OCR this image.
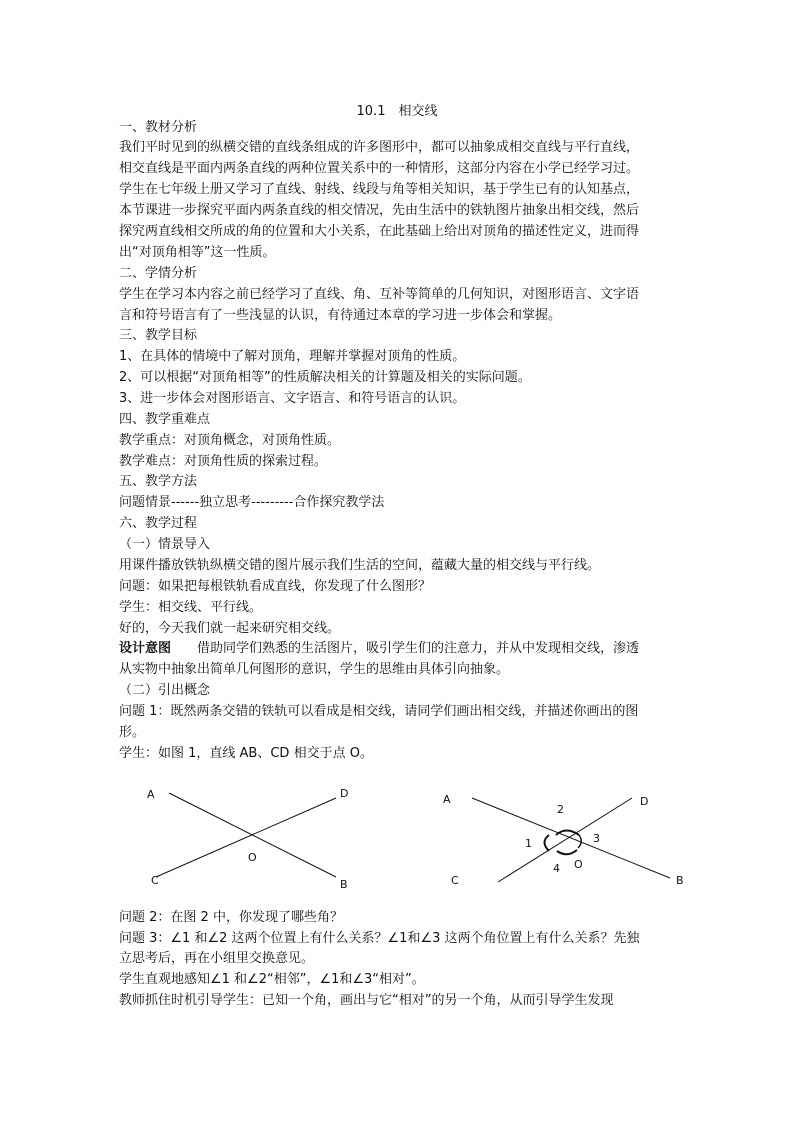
10.1　相交线
一、教材分析
我们平时见到的纵横交错的直线条组成的许多图形中，都可以抽象成相交直线与平行直线，
相交直线是平面内两条直线的两种位置关系中的一种情形，这部分内容在小学已经学习过。
学生在七年级上册又学习了直线、射线、线段与角等相关知识，基于学生已有的认知基点，
本节课进一步探究平面内两条直线的相交情况，先由生活中的铁轨图片抽象出相交线，然后
探究两直线相交所成的角的位置和大小关系，在此基础上给出对顶角的描述性定义，进而得
出“对顶角相等”这一性质。
二、学情分析
学生在学习本内容之前已经学习了直线、角、互补等简单的几何知识，对图形语言、文字语
言和符号语言有了一些浅显的认识，有待通过本章的学习进一步体会和掌握。
三、教学目标
1、在具体的情境中了解对顶角，理解并掌握对顶角的性质。
2、可以根据“对顶角相等”的性质解决相关的计算题及相关的实际问题。
3、进一步体会对图形语言、文字语言、和符号语言的认识。
四、教学重难点
教学重点：对顶角概念，对顶角性质。
教学难点：对顶角性质的探索过程。
五、教学方法
问题情景------独立思考---------合作探究教学法
六、教学过程
（一）情景导入
用课件播放铁轨纵横交错的图片展示我们生活的空间，蕴藏大量的相交线与平行线。
问题：如果把每根铁轨看成直线，你发现了什么图形？
学生：相交线、平行线。
好的，今天我们就一起来研究相交线。
设计意图　　借助同学们熟悉的生活图片，吸引学生们的注意力，并从中发现相交线，渗透
从实物中抽象出简单几何图形的意识，学生的思维由具体引向抽象。
（二）引出概念
问题 1：既然两条交错的铁轨可以看成是相交线，请同学们画出相交线，并描述你画出的图
形。
学生：如图 1，直线 AB、CD 相交于点 O。
A	D
O
C	B
A	D
2
3
1
4 O
C	B
问题 2：在图 2 中，你发现了哪些角？
问题 3：∠1 和∠2 这两个位置上有什么关系？∠1和∠3 这两个角位置上有什么关系？先独
立思考后，再在小组里交换意见。
学生直观地感知∠1 和∠2“相邻”，∠1和∠3“相对”。
教师抓住时机引导学生：已知一个角，画出与它“相对”的另一个角，从而引导学生发现
